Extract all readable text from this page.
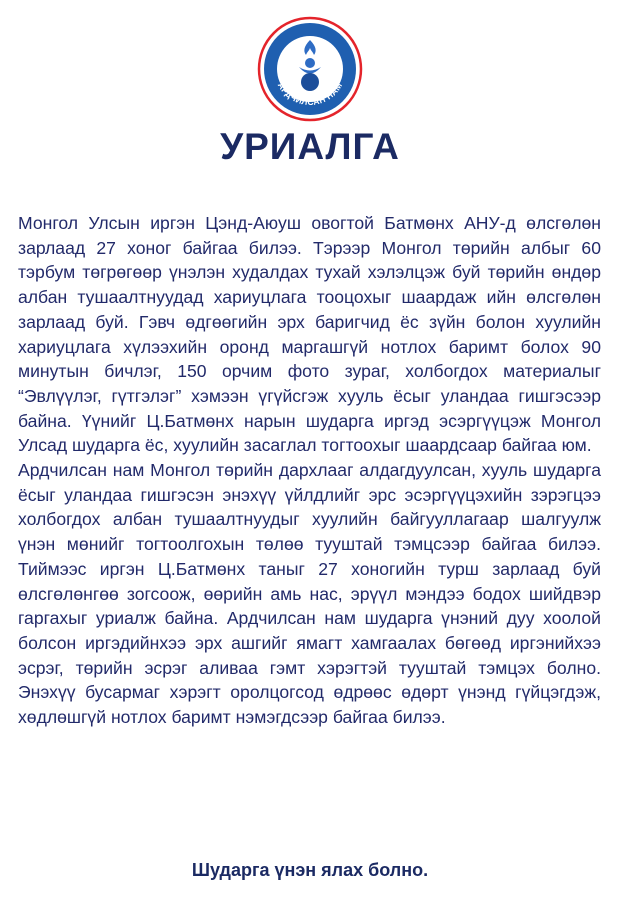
АРДЧИЛСАН НАМ
УРИАЛГА

Монгол Улсын иргэн Цэнд-Аюуш овогтой Батмөнх АНУ-д өлсгөлөн зарлаад 27 хоног байгаа билээ. Тэрээр Монгол төрийн албыг 60 тэрбум төгрөгөөр үнэлэн худалдах тухай хэлэлцэж буй төрийн өндөр албан тушаалтнуудад хариуцлага тооцохыг шаардаж ийн өлсгөлөн зарлаад буй. Гэвч өдгөөгийн эрх баригчид ёс зүйн болон хуулийн хариуцлага хүлээхийн оронд маргашгүй нотлох баримт болох 90 минутын бичлэг, 150 орчим фото зураг, холбогдох материалыг “Эвлүүлэг, гүтгэлэг” хэмээн үгүйсгэж хууль ёсыг уландаа гишгэсээр байна. Үүнийг Ц.Батмөнх нарын шударга иргэд эсэргүүцэж Монгол Улсад шударга ёс, хуулийн засаглал тогтоохыг шаардсаар байгаа юм.

Ардчилсан нам Монгол төрийн дархлааг алдагдуулсан, хууль шударга ёсыг уландаа гишгэсэн энэхүү үйлдлийг эрс эсэргүүцэхийн зэрэгцээ холбогдох албан тушаалтнуудыг хуулийн байгууллагаар шалгуулж үнэн мөнийг тогтоолгохын төлөө тууштай тэмцсээр байгаа билээ. Тиймээс иргэн Ц.Батмөнх таныг 27 хоногийн турш зарлаад буй өлсгөлөнгөө зогсоож, өөрийн амь нас, эрүүл мэндээ бодох шийдвэр гаргахыг уриалж байна. Ардчилсан нам шударга үнэний дуу хоолой болсон иргэдийнхээ эрх ашгийг ямагт хамгаалах бөгөөд иргэнийхээ эсрэг, төрийн эсрэг аливаа гэмт хэрэгтэй тууштай тэмцэх болно. Энэхүү бусармаг хэрэгт оролцогсод өдрөөс өдөрт үнэнд гүйцэгдэж, хөдлөшгүй нотлох баримт нэмэгдсээр байгаа билээ.

Шударга үнэн ялах болно.
